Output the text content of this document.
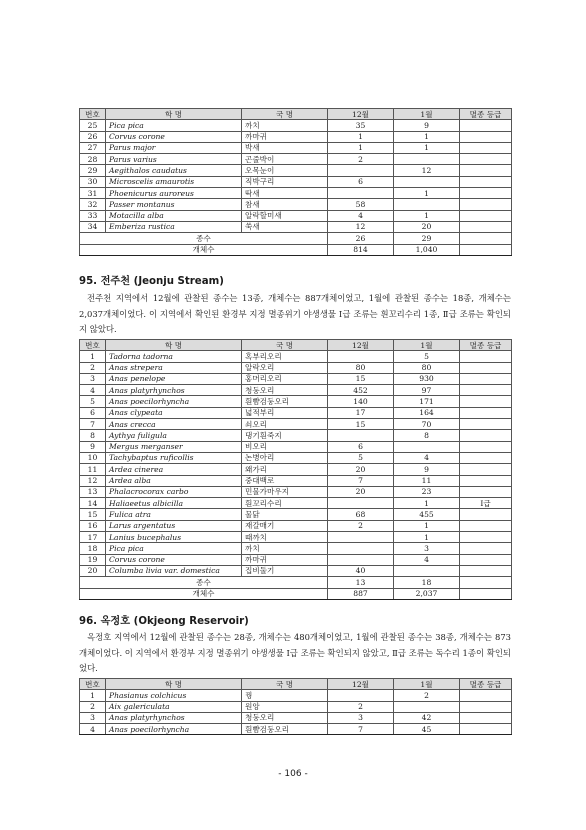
번호	학 명	국 명	12월	1월	멸종 등급
25	Pica pica	까치	35	9	
26	Corvus corone	까마귀	1	1	
27	Parus major	박새	1	1	
28	Parus varius	곤줄박이	2		
29	Aegithalos caudatus	오목눈이		12	
30	Microscelis amaurotis	직박구리	6		
31	Phoenicurus auroreus	딱새		1	
32	Passer montanus	참새	58		
33	Motacilla alba	알락할미새	4	1	
34	Emberiza rustica	쑥새	12	20	
종수			26	29	
개체수			814	1,040	
95. 전주천 (Jeonju Stream)

전주천 지역에서 12월에 관찰된 종수는 13종, 개체수는 887개체이었고, 1월에 관찰된 종수는 18종, 개체수는 2,037개체이었다. 이 지역에서 확인된 환경부 지정 멸종위기 야생생물 Ⅰ급 조류는 흰꼬리수리 1종, Ⅱ급 조류는 확인되지 않았다.

번호	학 명	국 명	12월	1월	멸종 등급
1	Tadorna tadorna	혹부리오리		5	
2	Anas strepera	알락오리	80	80	
3	Anas penelope	홍머리오리	15	930	
4	Anas platyrhynchos	청둥오리	452	97	
5	Anas poecilorhyncha	흰뺨검둥오리	140	171	
6	Anas clypeata	넓적부리	17	164	
7	Anas crecca	쇠오리	15	70	
8	Aythya fuligula	댕기흰죽지		8	
9	Mergus merganser	비오리	6		
10	Tachybaptus ruficollis	논병아리	5	4	
11	Ardea cinerea	왜가리	20	9	
12	Ardea alba	중대백로	7	11	
13	Phalacrocorax carbo	민물가마우지	20	23	
14	Haliaeetus albicilla	흰꼬리수리		1	Ⅰ급
15	Fulica atra	물닭	68	455	
16	Larus argentatus	재갈매기	2	1	
17	Lanius bucephalus	때까치		1	
18	Pica pica	까치		3	
19	Corvus corone	까마귀		4	
20	Columba livia var. domestica	집비둘기	40		
종수			13	18	
개체수			887	2,037	
96. 옥정호 (Okjeong Reservoir)

옥정호 지역에서 12월에 관찰된 종수는 28종, 개체수는 480개체이었고, 1월에 관찰된 종수는 38종, 개체수는 873개체이었다. 이 지역에서 환경부 지정 멸종위기 야생생물 Ⅰ급 조류는 확인되지 않았고, Ⅱ급 조류는 독수리 1종이 확인되었다.

번호	학 명	국 명	12월	1월	멸종 등급
1	Phasianus colchicus	꿩		2	
2	Aix galericulata	원앙	2		
3	Anas platyrhynchos	청둥오리	3	42	
4	Anas poecilorhyncha	흰뺨검둥오리	7	45	
- 106 -
